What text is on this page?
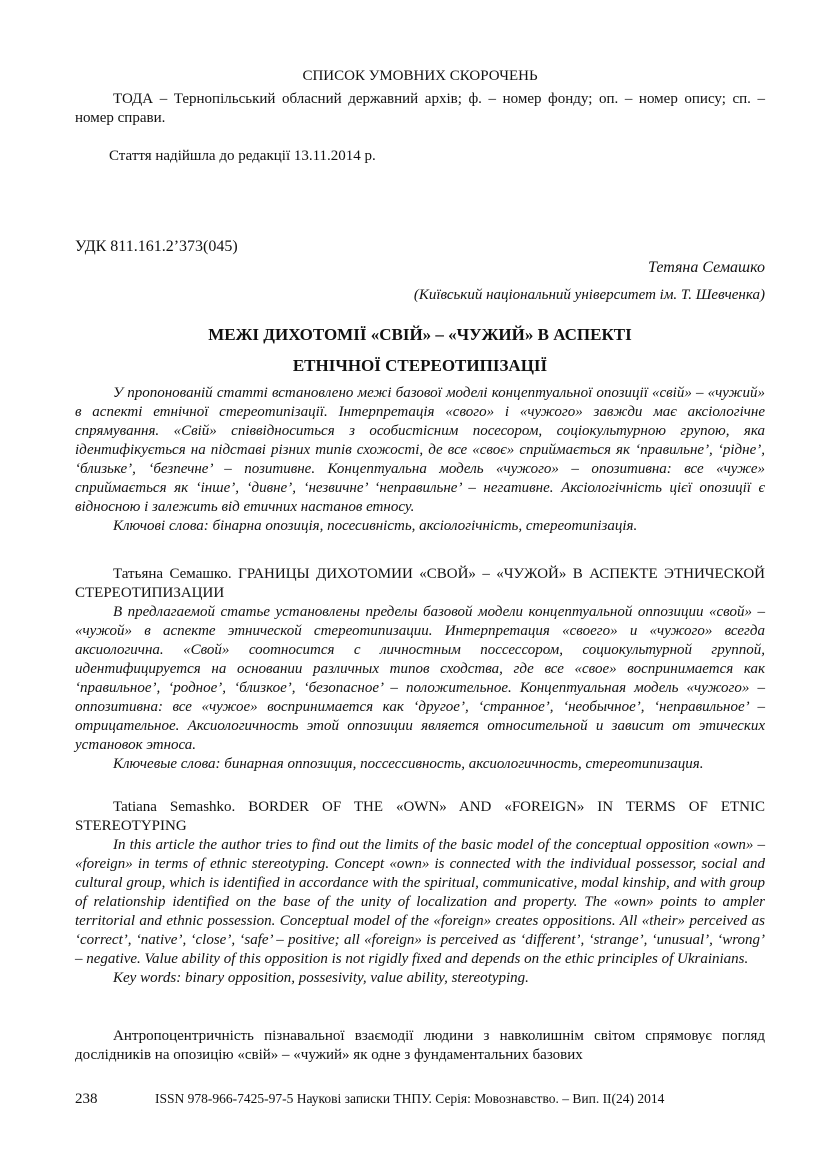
СПИСОК УМОВНИХ СКОРОЧЕНЬ

ТОДА – Тернопільський обласний державний архів; ф. – номер фонду; оп. – номер опису; сп. – номер справи.

Стаття надійшла до редакції 13.11.2014 р.

УДК 811.161.2’373(045)

Тетяна Семашко

(Київський національний університет ім. Т. Шевченка)

МЕЖІ ДИХОТОМІЇ «СВІЙ» – «ЧУЖИЙ» В АСПЕКТІ

ЕТНІЧНОЇ СТЕРЕОТИПІЗАЦІЇ

У пропонованій статті встановлено межі базової моделі концептуальної опозиції «свій» – «чужий» в аспекті етнічної стереотипізації. Інтерпретація «свого» і «чужого» завжди має аксіологічне спрямування. «Свій» співвідноситься з особистісним посесором, соціокультурною групою, яка ідентифікується на підставі різних типів схожості, де все «своє» сприймається як ‘правильне’, ‘рідне’, ‘близьке’, ‘безпечне’ – позитивне. Концептуальна модель «чужого» – опозитивна: все «чуже» сприймається як ‘інше’, ‘дивне’, ‘незвичне’ ‘неправильне’ – негативне. Аксіологічність цієї опозиції є відносною і залежить від етичних настанов етносу.

Ключові слова: бінарна опозиція, посесивність, аксіологічність, стереотипізація.

Татьяна Семашко. ГРАНИЦЫ ДИХОТОМИИ «СВОЙ» – «ЧУЖОЙ» В АСПЕКТЕ ЭТНИЧЕСКОЙ СТЕРЕОТИПИЗАЦИИ

В предлагаемой статье установлены пределы базовой модели концептуальной оппозиции «свой» – «чужой» в аспекте этнической стереотипизации. Интерпретация «своего» и «чужого» всегда аксиологична. «Свой» соотносится с личностным поссессором, социокультурной группой, идентифицируется на основании различных типов сходства, где все «свое» воспринимается как ‘правильное’, ‘родное’, ‘близкое’, ‘безопасное’ – положительное. Концептуальная модель «чужого» – оппозитивна: все «чужое» воспринимается как ‘другое’, ‘странное’, ‘необычное’, ‘неправильное’ – отрицательное. Аксиологичность этой оппозиции является относительной и зависит от этических установок этноса.

Ключевые слова: бинарная оппозиция, поссессивность, аксиологичность, стереотипизация.

Tatiana Semashko. BORDER OF THE «OWN» AND «FOREIGN» IN TERMS OF ETNIC STEREOTYPING

In this article the author tries to find out the limits of the basic model of the conceptual opposition «own» – «foreign» in terms of ethnic stereotyping. Concept «own» is connected with the individual possessor, social and cultural group, which is identified in accordance with the spiritual, communicative, modal kinship, and with group of relationship identified on the base of the unity of localization and property. The «own» points to ampler territorial and ethnic possession. Conceptual model of the «foreign» creates oppositions. All «their» perceived as ‘correct’, ‘native’, ‘close’, ‘safe’ – positive; all «foreign» is perceived as ‘different’, ‘strange’, ‘unusual’, ‘wrong’ – negative. Value ability of this opposition is not rigidly fixed and depends on the ethic principles of Ukrainians.

Key words: binary opposition, possesivity, value ability, stereotyping.

Антропоцентричність пізнавальної взаємодії людини з навколишнім світом спрямовує погляд дослідників на опозицію «свій» – «чужий» як одне з фундаментальних базових

238	ISSN 978-966-7425-97-5 Наукові записки ТНПУ. Серія: Мовознавство. – Вип. ІІ(24) 2014
